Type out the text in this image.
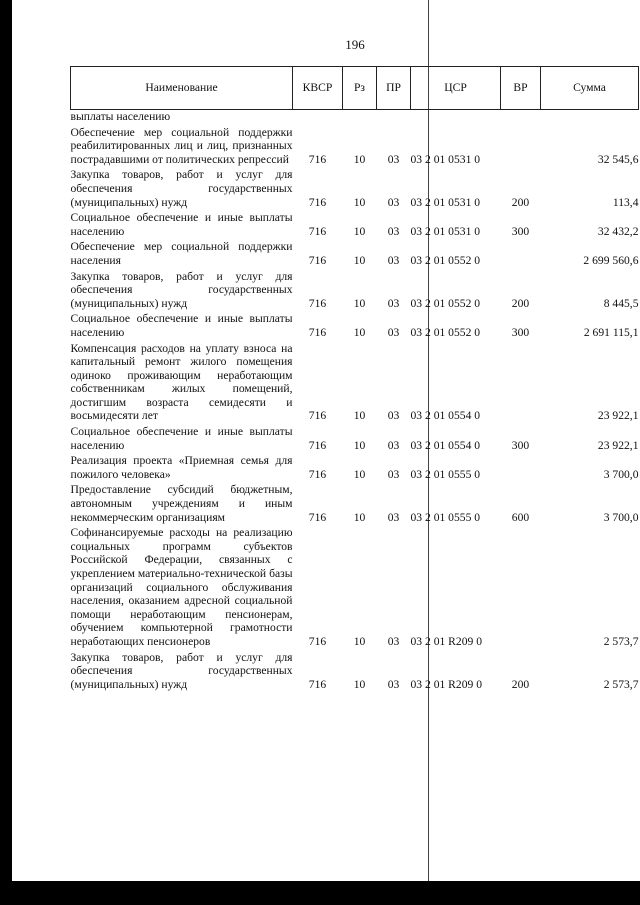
196
Наименование	КВСР	Рз	ПР	ЦСР	ВР	Сумма
выплаты населению						
Обеспечение мер социальной поддержки реабилитированных лиц и лиц, признанных пострадавшими от политических репрессий	716	10	03	03 2 01 0531 0		32 545,6
Закупка товаров, работ и услуг для обеспечения государственных (муниципальных) нужд	716	10	03	03 2 01 0531 0	200	113,4
Социальное обеспечение и иные выплаты населению	716	10	03	03 2 01 0531 0	300	32 432,2
Обеспечение мер социальной поддержки населения	716	10	03	03 2 01 0552 0		2 699 560,6
Закупка товаров, работ и услуг для обеспечения государственных (муниципальных) нужд	716	10	03	03 2 01 0552 0	200	8 445,5
Социальное обеспечение и иные выплаты населению	716	10	03	03 2 01 0552 0	300	2 691 115,1
Компенсация расходов на уплату взноса на капитальный ремонт жилого помещения одиноко проживающим неработающим собственникам жилых помещений, достигшим возраста семидесяти и восьмидесяти лет	716	10	03	03 2 01 0554 0		23 922,1
Социальное обеспечение и иные выплаты населению	716	10	03	03 2 01 0554 0	300	23 922,1
Реализация проекта «Приемная семья для пожилого человека»	716	10	03	03 2 01 0555 0		3 700,0
Предоставление субсидий бюджетным, автономным учреждениям и иным некоммерческим организациям	716	10	03	03 2 01 0555 0	600	3 700,0
Софинансируемые расходы на реализацию социальных программ субъектов Российской Федерации, связанных с укреплением материально-технической базы организаций социального обслуживания населения, оказанием адресной социальной помощи неработающим пенсионерам, обучением компьютерной грамотности неработающих пенсионеров	716	10	03	03 2 01 R209 0		2 573,7
Закупка товаров, работ и услуг для обеспечения государственных (муниципальных) нужд	716	10	03	03 2 01 R209 0	200	2 573,7
